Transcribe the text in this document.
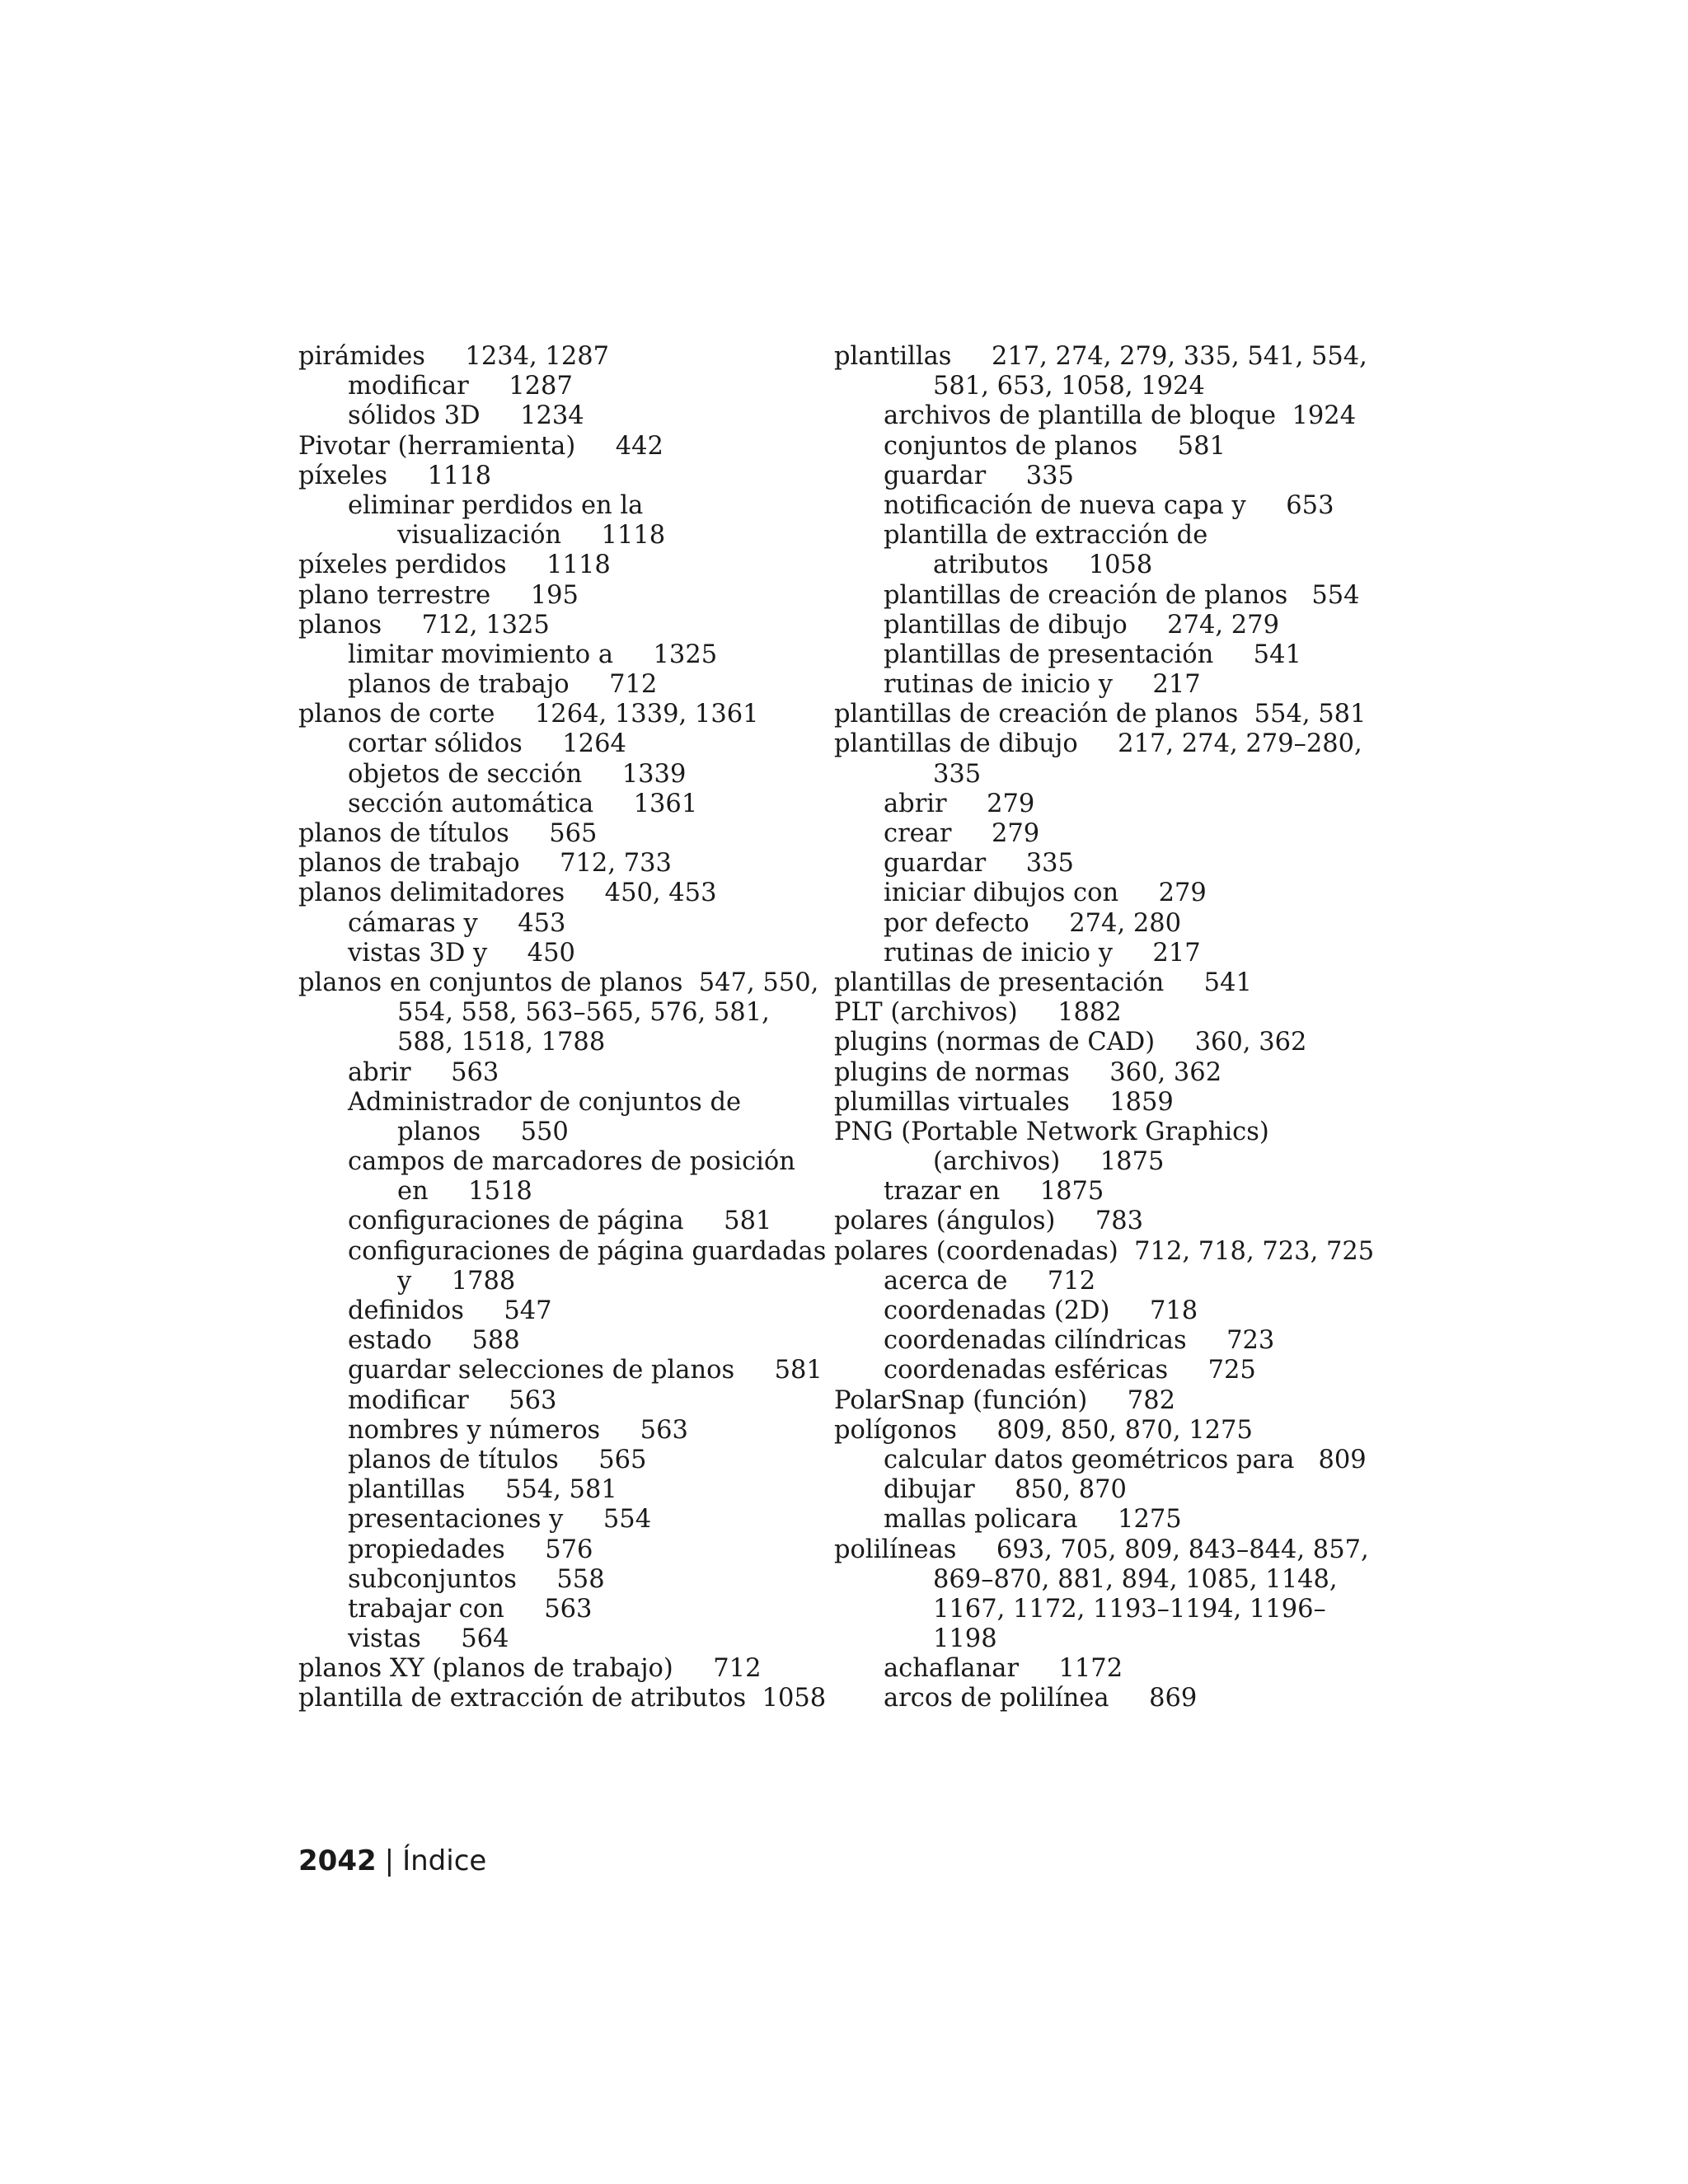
pirámides     1234, 1287
modificar     1287
sólidos 3D     1234
Pivotar (herramienta)     442
píxeles     1118
eliminar perdidos en la
visualización     1118
píxeles perdidos     1118
plano terrestre     195
planos     712, 1325
limitar movimiento a     1325
planos de trabajo     712
planos de corte     1264, 1339, 1361
cortar sólidos     1264
objetos de sección     1339
sección automática     1361
planos de títulos     565
planos de trabajo     712, 733
planos delimitadores     450, 453
cámaras y     453
vistas 3D y     450
planos en conjuntos de planos  547, 550,
554, 558, 563–565, 576, 581,
588, 1518, 1788
abrir     563
Administrador de conjuntos de
planos     550
campos de marcadores de posición
en     1518
configuraciones de página     581
configuraciones de página guardadas
y     1788
definidos     547
estado     588
guardar selecciones de planos     581
modificar     563
nombres y números     563
planos de títulos     565
plantillas     554, 581
presentaciones y     554
propiedades     576
subconjuntos     558
trabajar con     563
vistas     564
planos XY (planos de trabajo)     712
plantilla de extracción de atributos  1058
plantillas     217, 274, 279, 335, 541, 554,
581, 653, 1058, 1924
archivos de plantilla de bloque  1924
conjuntos de planos     581
guardar     335
notificación de nueva capa y     653
plantilla de extracción de
atributos     1058
plantillas de creación de planos   554
plantillas de dibujo     274, 279
plantillas de presentación     541
rutinas de inicio y     217
plantillas de creación de planos  554, 581
plantillas de dibujo     217, 274, 279–280,
335
abrir     279
crear     279
guardar     335
iniciar dibujos con     279
por defecto     274, 280
rutinas de inicio y     217
plantillas de presentación     541
PLT (archivos)     1882
plugins (normas de CAD)     360, 362
plugins de normas     360, 362
plumillas virtuales     1859
PNG (Portable Network Graphics)
(archivos)     1875
trazar en     1875
polares (ángulos)     783
polares (coordenadas)  712, 718, 723, 725
acerca de     712
coordenadas (2D)     718
coordenadas cilíndricas     723
coordenadas esféricas     725
PolarSnap (función)     782
polígonos     809, 850, 870, 1275
calcular datos geométricos para   809
dibujar     850, 870
mallas policara     1275
polilíneas     693, 705, 809, 843–844, 857,
869–870, 881, 894, 1085, 1148,
1167, 1172, 1193–1194, 1196–
1198
achaflanar     1172
arcos de polilínea     869
2042 | Índice
